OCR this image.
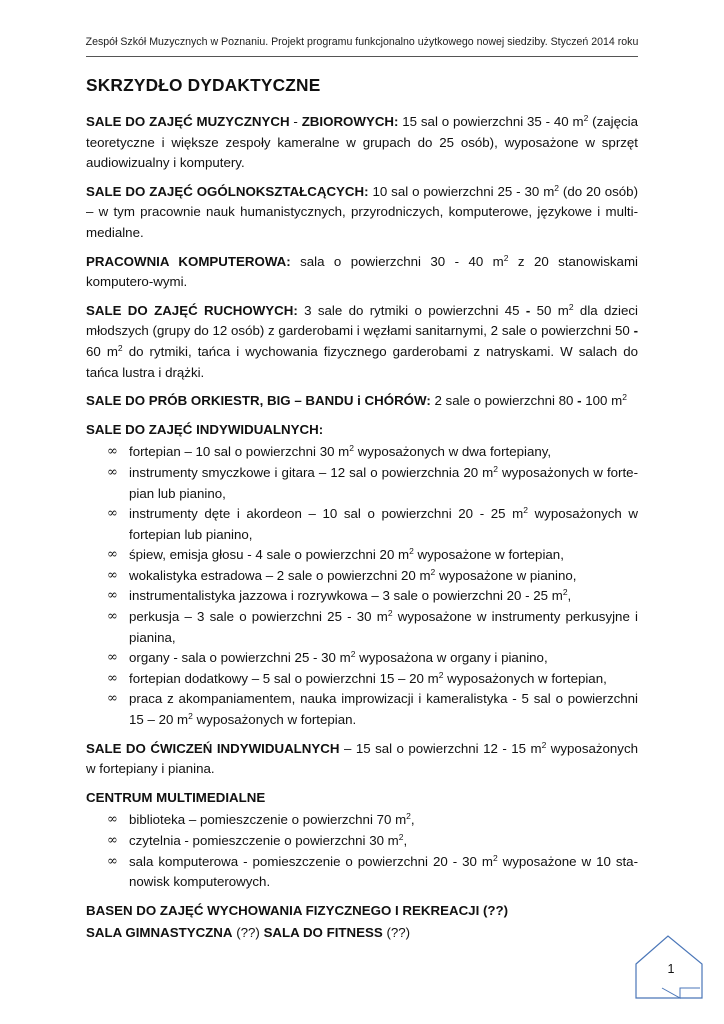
Zespół Szkół Muzycznych w Poznaniu. Projekt programu funkcjonalno użytkowego nowej siedziby. Styczeń 2014 roku
SKRZYDŁO DYDAKTYCZNE

SALE DO ZAJĘĆ MUZYCZNYCH - ZBIOROWYCH: 15 sal o powierzchni 35 - 40 $m^2$ (zajęcia teoretyczne i większe zespoły kameralne w grupach do 25 osób), wyposażone w sprzęt audiowizualny i komputery.

SALE DO ZAJĘĆ OGÓLNOKSZTAŁCĄCYCH: 10 sal o powierzchni 25 - 30 $m^2$ (do 20 osób) – w tym pracownie nauk humanistycznych, przyrodniczych, komputerowe, językowe i multi-medialne.

PRACOWNIA KOMPUTEROWA: sala o powierzchni 30 - 40 $m^2$ z 20 stanowiskami komputero-wymi.

SALE DO ZAJĘĆ RUCHOWYCH: 3 sale do rytmiki o powierzchni 45 - 50 $m^2$ dla dzieci młodszych (grupy do 12 osób) z garderobami i węzłami sanitarnymi, 2 sale o powierzchni 50 - 60 $m^2$ do rytmiki, tańca i wychowania fizycznego garderobami z natryskami. W salach do tańca lustra i drążki.

SALE DO PRÓB ORKIESTR, BIG – BANDU i CHÓRÓW: 2 sale o powierzchni 80 - 100 $m^2$

SALE DO ZAJĘĆ INDYWIDUALNYCH:

∞ fortepian – 10 sal o powierzchni 30 $m^2$ wyposażonych w dwa fortepiany,
∞ instrumenty smyczkowe i gitara – 12 sal o powierzchnia 20 $m^2$ wyposażonych w forte-pian lub pianino,
∞ instrumenty dęte i akordeon – 10 sal o powierzchni 20 - 25 $m^2$ wyposażonych w fortepian lub pianino,
∞ śpiew, emisja głosu - 4 sale o powierzchni 20 $m^2$ wyposażone w fortepian,
∞ wokalistyka estradowa – 2 sale o powierzchni 20 $m^2$ wyposażone w pianino,
∞ instrumentalistyka jazzowa i rozrywkowa – 3 sale o powierzchni 20 - 25 $m^2$,
∞ perkusja – 3 sale o powierzchni 25 - 30 $m^2$ wyposażone w instrumenty perkusyjne i pianina,
∞ organy - sala o powierzchni 25 - 30 $m^2$ wyposażona w organy i pianino,
∞ fortepian dodatkowy – 5 sal o powierzchni 15 – 20 $m^2$ wyposażonych w fortepian,
∞ praca z akompaniamentem, nauka improwizacji i kameralistyka - 5 sal o powierzchni 15 – 20 $m^2$ wyposażonych w fortepian.

SALE DO ĆWICZEŃ INDYWIDUALNYCH – 15 sal o powierzchni 12 - 15 $m^2$ wyposażonych w fortepiany i pianina.

CENTRUM MULTIMEDIALNE

∞ biblioteka – pomieszczenie o powierzchni 70 $m^2$,
∞ czytelnia - pomieszczenie o powierzchni 30 $m^2$,
∞ sala komputerowa - pomieszczenie o powierzchni 20 - 30 $m^2$ wyposażone w 10 sta-nowisk komputerowych.

BASEN DO ZAJĘĆ WYCHOWANIA FIZYCZNEGO I REKREACJI (??)

SALA GIMNASTYCZNA (??) SALA DO FITNESS (??)

1
